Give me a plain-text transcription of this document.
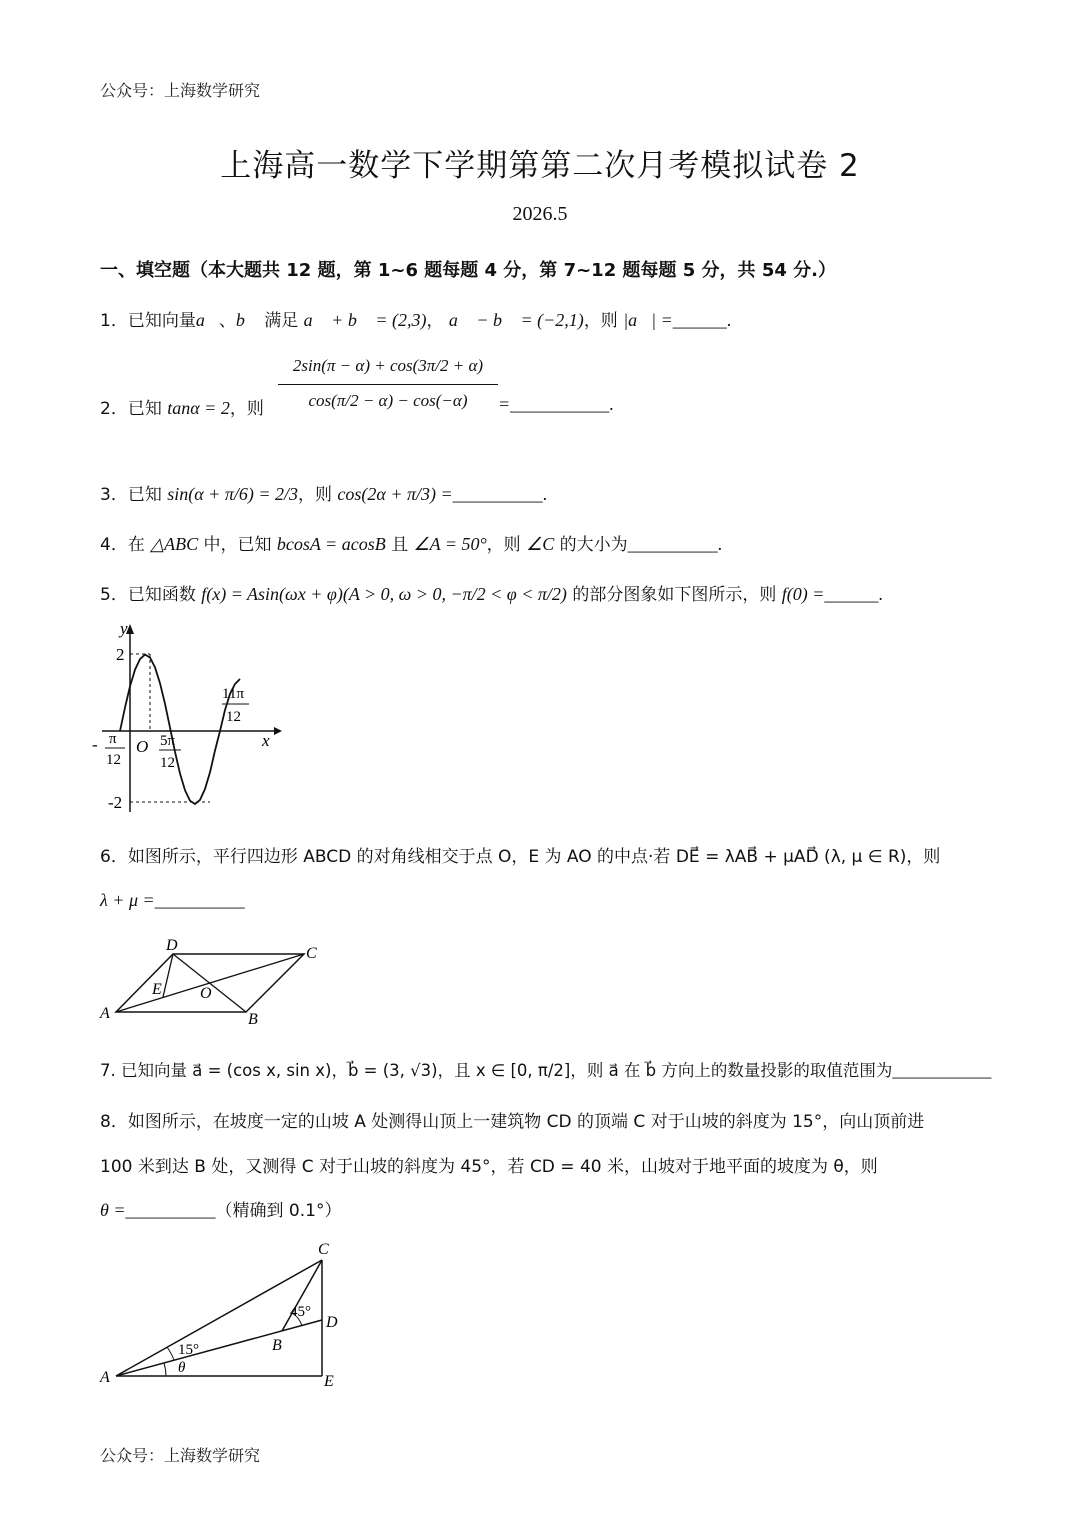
公众号：上海数学研究
上海高一数学下学期第第二次月考模拟试卷 2
2026.5
一、填空题（本大题共 12 题，第 1~6 题每题 4 分，第 7~12 题每题 5 分，共 54 分.）
1．已知向量a⃗、b⃗ 满足 a⃗ + b⃗ = (2,3)， a⃗ − b⃗ = (−2,1)，则 |a⃗| =______.
2．已知 tanα = 2，则
2sin(π − α) + cos(3π/2 + α)
cos(π/2 − α) − cos(−α)	=___________.
3．已知 sin(α + π/6) = 2/3，则 cos(2α + π/3) =__________.
4．在 △ABC 中，已知 bcosA = acosB 且 ∠A = 50°，则 ∠C 的大小为__________.
5．已知函数 f(x) = Asin(ωx + φ)(A > 0, ω > 0, −π/2 < φ < π/2) 的部分图象如下图所示，则 f(0) =______.
y
x
O
2
-2
- π
12
5π
12
11π
12
6．如图所示，平行四边形 ABCD 的对角线相交于点 O，E 为 AO 的中点·若 DE⃗ = λAB⃗ + μAD⃗ (λ, μ ∈ R)，则
λ + μ =__________
A	B
C
D
E O
7. 已知向量 a⃗ = (cos x, sin x)，b⃗ = (3, √3)，且 x ∈ [0, π/2]，则 a⃗ 在 b⃗ 方向上的数量投影的取值范围为___________
8．如图所示，在坡度一定的山坡 A 处测得山顶上一建筑物 CD 的顶端 C 对于山坡的斜度为 15°，向山顶前进
100 米到达 B 处，又测得 C 对于山坡的斜度为 45°，若 CD = 40 米，山坡对于地平面的坡度为 θ，则
θ =__________（精确到 0.1°）
A
B
C
D
E
15°
45°
θ
公众号：上海数学研究
